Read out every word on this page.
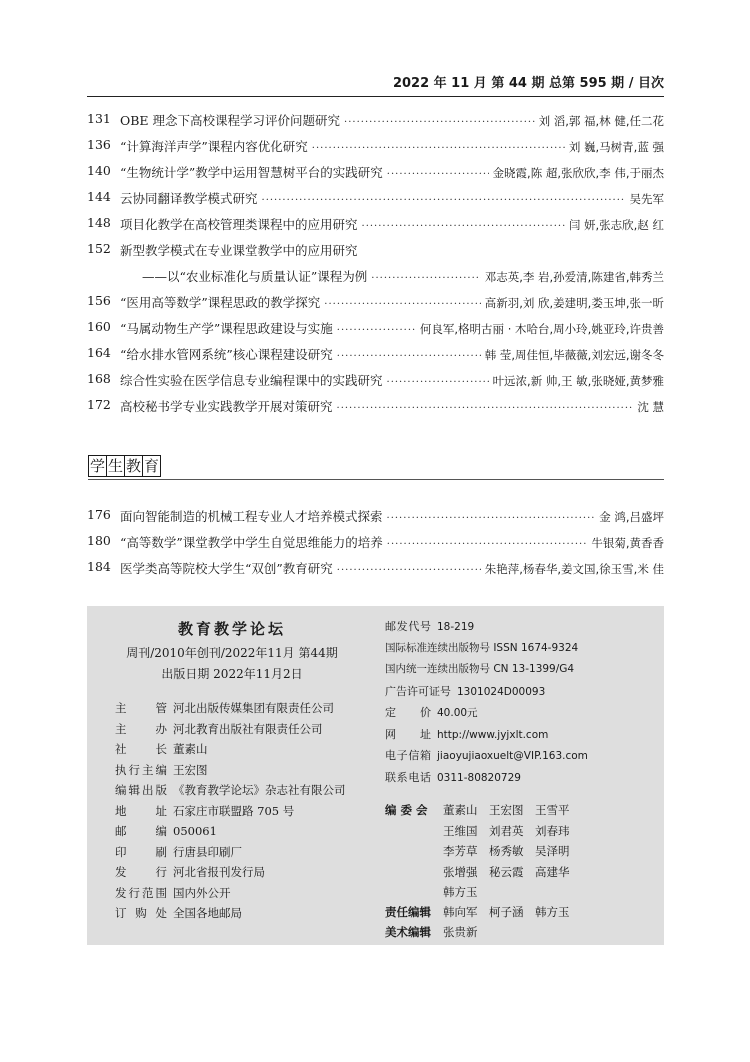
2022 年 11 月 第 44 期 总第 595 期 / 目次
131 OBE 理念下高校课程学习评价问题研究 ·····	刘 滔,郭 福,林 健,任二花
136 “计算海洋声学”课程内容优化研究 ·····	刘 巍,马树青,蓝 强
140 “生物统计学”教学中运用智慧树平台的实践研究 ·····	金晓霞,陈 超,张欣欣,李 伟,于丽杰
144 云协同翻译教学模式研究 ·····	吴先军
148 项目化教学在高校管理类课程中的应用研究 ·····	闫 妍,张志欣,赵 红
152 新型教学模式在专业课堂教学中的应用研究
——以“农业标准化与质量认证”课程为例 ·····	邓志英,李 岩,孙爱清,陈建省,韩秀兰
156 “医用高等数学”课程思政的教学探究 ·····	高新羽,刘 欣,姜建明,娄玉坤,张一昕
160 “马属动物生产学”课程思政建设与实施 ·····	何良军,格明古丽 · 木哈台,周小玲,姚亚玲,许贵善
164 “给水排水管网系统”核心课程建设研究 ·····	韩 莹,周佳恒,毕薇薇,刘宏远,谢冬冬
168 综合性实验在医学信息专业编程课中的实践研究 ·····	叶远浓,新 帅,王 敏,张晓娅,黄梦雅
172 高校秘书学专业实践教学开展对策研究 ·····	沈 慧
学 生 教 育
176 面向智能制造的机械工程专业人才培养模式探索 ·····	金 鸿,吕盛坪
180 “高等数学”课堂教学中学生自觉思维能力的培养 ·····	牛银菊,黄香香
184 医学类高等院校大学生“双创”教育研究 ·····	朱艳萍,杨春华,姜文国,徐玉雪,米 佳
教育教学论坛
周刊/2010年创刊/2022年11月 第44期
出版日期 2022年11月2日
主管 河北出版传媒集团有限责任公司
主办 河北教育出版社有限责任公司
社长 董素山
执行主编 王宏图
编辑出版 《教育教学论坛》杂志社有限公司
地址 石家庄市联盟路 705 号
邮编 050061
印刷 行唐县印刷厂
发行 河北省报刊发行局
发行范围 国内外公开
订购处 全国各地邮局
邮发代号 18-219
国际标准连续出版物号 ISSN 1674-9324
国内统一连续出版物号 CN 13-1399/G4
广告许可证号 1301024D00093
定价 40.00元
网址 http://www.jyjxlt.com
电子信箱 jiaoyujiaoxuelt@VIP.163.com
联系电话 0311-80820729
编 委 会 董素山 王宏图 王雪平
王维国 刘君英 刘春玮
李芳草 杨秀敏 吴泽明
张增强 秘云霞 高建华
韩方玉
责任编辑 韩向军 柯子涵 韩方玉
美术编辑 张贵新
